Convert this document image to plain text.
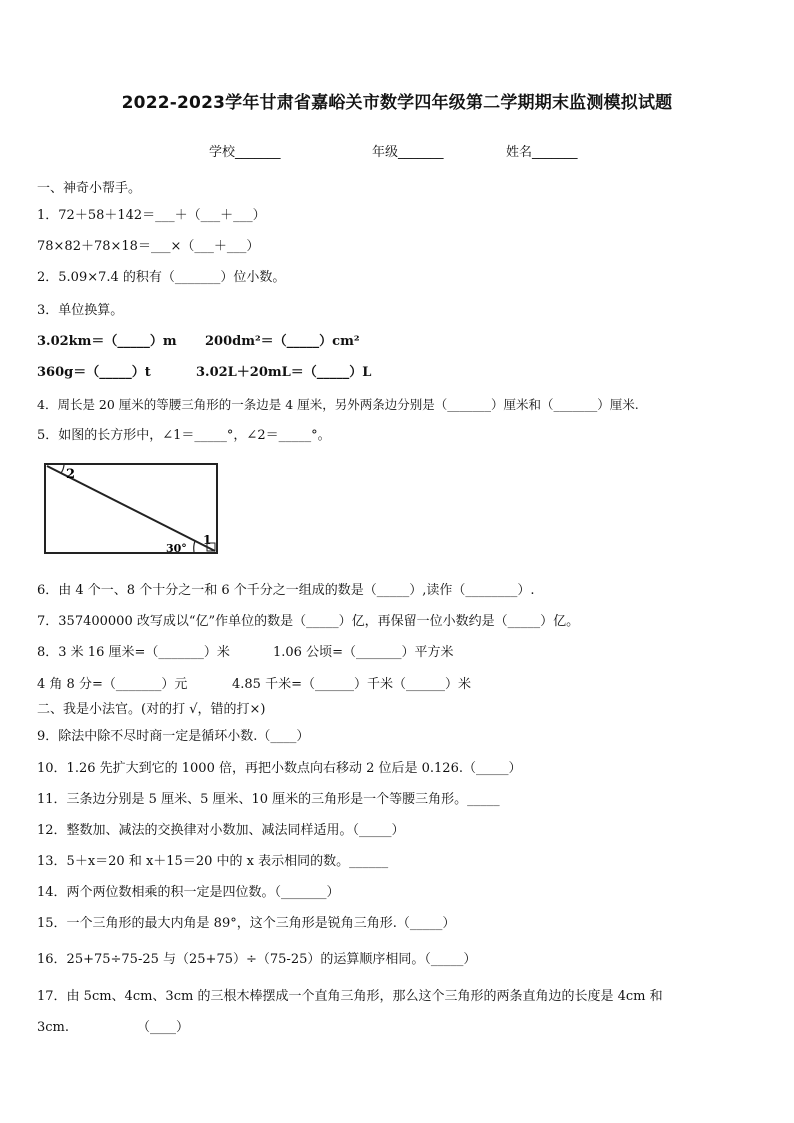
2022-2023学年甘肃省嘉峪关市数学四年级第二学期期末监测模拟试题
学校_______	年级_______	姓名_______
一、神奇小帮手。
1．72＋58＋142＝___＋（___＋___）
78×82＋78×18＝___×（___＋___）
2．5.09×7.4 的积有（_______）位小数。
3．单位换算。
3.02km＝（_____）m 200dm²＝（_____）cm²
360g＝（_____）t	3.02L＋20mL＝（_____）L
4．周长是 20 厘米的等腰三角形的一条边是 4 厘米，另外两条边分别是（_______）厘米和（_______）厘米.
5．如图的长方形中，∠1＝_____°，∠2＝_____°。
2
1
30°
6．由 4 个一、8 个十分之一和 6 个千分之一组成的数是（_____）,读作（________）.
7．357400000 改写成以“亿”作单位的数是（_____）亿，再保留一位小数约是（_____）亿。
8．3 米 16 厘米=（_______）米	1.06 公顷=（_______）平方米
4 角 8 分=（_______）元	4.85 千米=（______）千米（______）米
二、我是小法官。(对的打 √，错的打×)
9．除法中除不尽时商一定是循环小数.（____）
10．1.26 先扩大到它的 1000 倍，再把小数点向右移动 2 位后是 0.126.（_____）
11．三条边分别是 5 厘米、5 厘米、10 厘米的三角形是一个等腰三角形。_____
12．整数加、减法的交换律对小数加、减法同样适用。（_____）
13．5＋x＝20 和 x＋15＝20 中的 x 表示相同的数。______
14．两个两位数相乘的积一定是四位数。（_______）
15．一个三角形的最大内角是 89°，这个三角形是锐角三角形.（_____）
16．25+75÷75-25 与（25+75）÷（75-25）的运算顺序相同。（_____）
17．由 5cm、4cm、3cm 的三根木棒摆成一个直角三角形，那么这个三角形的两条直角边的长度是 4cm 和
3cm.	（____）
